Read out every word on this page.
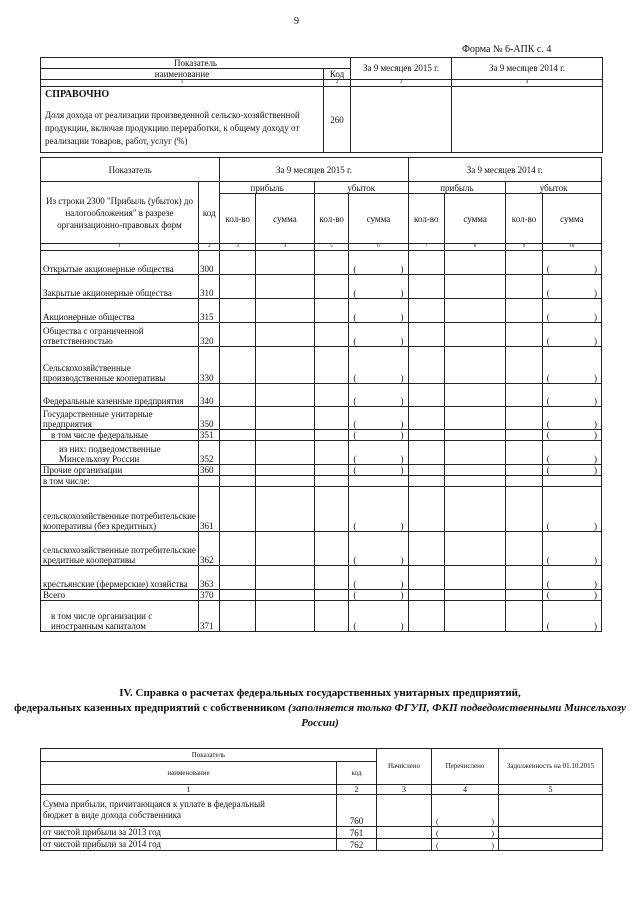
9
Форма № 6-АПК с. 4
Показатель		За 9 месяцев 2015 г.	За 9 месяцев 2014 г.
наименование	Код		
1	2	3	4

СПРАВОЧНО
Доля дохода от реализации произведенной сельско-хозяйственной продукции, включая продукцию переработки, к общему доходу от реализации товаров, работ, услуг (%)	260		
Показатель		За 9 месяцев 2015 г.				За 9 месяцев 2014 г.			
Из строки 2300 "Прибыль (убыток) до налогообложения" в разрезе организационно-правовых форм	код	прибыль		убыток		прибыль		убыток	
		кол-во	сумма	кол-во	сумма	кол-во	сумма	кол-во	сумма
1	2	3	4	5	6	7	8	9	10
Открытые акционерные общества	300				( )				( )

Закрытые акционерные общества	310				( )				( )

Акционерные общества	315				( )				( )

Общества с ограниченной ответственностью	320				( )				( )

Сельскохозяйственные производственные кооперативы	330				( )				( )

Федеральные казенные предприятия	340				( )				( )

Государственные унитарные предприятия	350				( )				( )

в том числе федеральные	351				( )				( )

из них: подведомственные Минсельхозу России	352				( )				( )

Прочие организации	360				( )				( )

в том числе:									
сельскохозяйственные потребительские кооперативы (без кредитных)	361				( )				( )

сельскохозяйственные потребительские кредитные кооперативы	362				( )				( )

крестьянские (фермерские) хозяйства	363				( )				( )

Всего	370				( )				( )

в том числе организации с иностранным капиталом	371				( )				( )
IV. Справка о расчетах федеральных государственных унитарных предприятий,
федеральных казенных предприятий с собственником (заполняется только ФГУП, ФКП подведомственными Минсельхозу России)
Показатель		Начислено	Перечислено	Задолженность на 01.10.2015
наименование	код			
1	2	3	4	5
Сумма прибыли, причитающаяся к уплате в федеральный бюджет в виде дохода собственника	760		( )	

от чистой прибыли за 2013 год	761		( )	

от чистой прибыли за 2014 год	762		( )	
